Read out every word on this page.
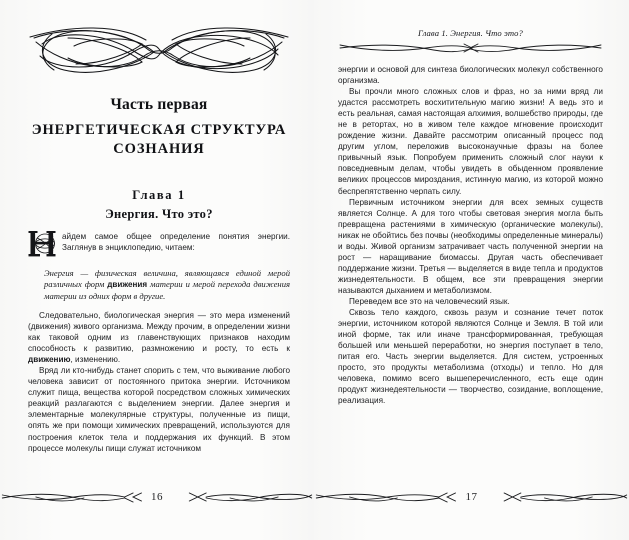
Часть первая
ЭНЕРГЕТИЧЕСКАЯ СТРУКТУРА
СОЗНАНИЯ
Глава 1
Энергия. Что это?

айдем самое общее определение понятия энергии. Заглянув в энциклопедию, читаем:

Энергия — физическая величина, являющаяся единой мерой различных форм движения материи и мерой перехода движения материи из одних форм в другие.

Следовательно, биологическая энергия — это мера изменений (движения) живого организма. Между прочим, в определении жизни как таковой одним из главенствующих признаков находим способность к развитию, размножению и росту, то есть к движению, изменению.

Вряд ли кто-нибудь станет спорить с тем, что выживание любого человека зависит от постоянного притока энергии. Источником служит пища, вещества которой посредством сложных химических реакций разлагаются с выделением энергии. Далее энергия и элементарные молекулярные структуры, полученные из пищи, опять же при помощи химических превращений, используются для построения клеток тела и поддержания их функций. В этом процессе молекулы пищи служат источником

16
Глава 1. Энергия. Что это?

энергии и основой для синтеза биологических молекул собственного организма.

Вы прочли много сложных слов и фраз, но за ними вряд ли удастся рассмотреть восхитительную магию жизни! А ведь это и есть реальная, самая настоящая алхимия, волшебство природы, где не в ретортах, но в живом теле каждое мгновение происходит рождение жизни. Давайте рассмотрим описанный процесс под другим углом, переложив высоконаучные фразы на более привычный язык. Попробуем применить сложный слог науки к повседневным делам, чтобы увидеть в обыденном проявление великих процессов мироздания, истинную магию, из которой можно беспрепятственно черпать силу.

Первичным источником энергии для всех земных существ является Солнце. А для того чтобы световая энергия могла быть превращена растениями в химическую (органические молекулы), никак не обойтись без почвы (необходимы определенные минералы) и воды. Живой организм затрачивает часть полученной энергии на рост — наращивание биомассы. Другая часть обеспечивает поддержание жизни. Третья — выделяется в виде тепла и продуктов жизнедеятельности. В общем, все эти превращения энергии называются дыханием и метаболизмом.

Переведем все это на человеческий язык.

Сквозь тело каждого, сквозь разум и сознание течет поток энергии, источником которой являются Солнце и Земля. В той или иной форме, так или иначе трансформированная, требующая большей или меньшей переработки, но энергия поступает в тело, питая его. Часть энергии выделяется. Для систем, устроенных просто, это продукты метаболизма (отходы) и тепло. Но для человека, помимо всего вышеперечисленного, есть еще один продукт жизнедеятельности — творчество, созидание, воплощение, реализация.

17
